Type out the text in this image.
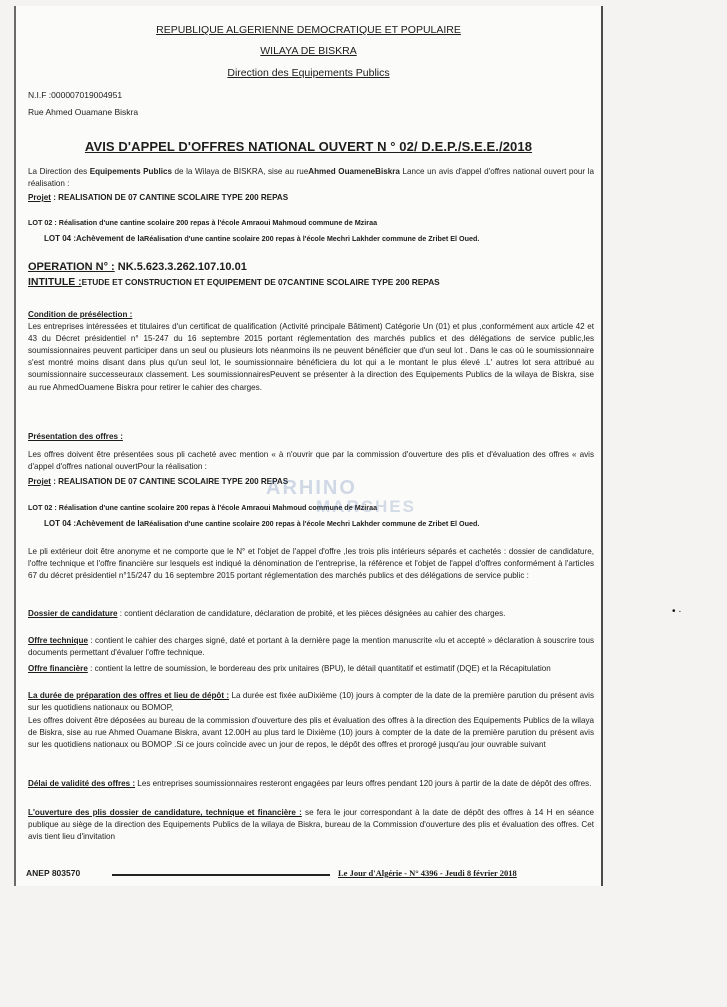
REPUBLIQUE ALGERIENNE DEMOCRATIQUE ET POPULAIRE
WILAYA DE BISKRA
Direction des Equipements Publics
N.I.F :000007019004951
Rue Ahmed Ouamane Biskra
AVIS D'APPEL D'OFFRES NATIONAL OUVERT N ° 02/ D.E.P./S.E.E./2018
La Direction des Equipements Publics de la Wilaya de BISKRA, sise au rueAhmed OuameneBiskra Lance un avis d'appel d'offres national ouvert pour la réalisation :
Projet : REALISATION DE 07 CANTINE SCOLAIRE TYPE 200 REPAS
LOT 02 : Réalisation d'une cantine scolaire 200 repas à l'école Amraoui Mahmoud commune de Mziraa
LOT 04 :Achèvement de laRéalisation d'une cantine scolaire 200 repas à l'école Mechri Lakhder commune de Zribet El Oued.
OPERATION N° : NK.5.623.3.262.107.10.01
INTITULE :ETUDE ET CONSTRUCTION ET EQUIPEMENT DE 07CANTINE SCOLAIRE TYPE 200 REPAS
Condition de présélection :
Les entreprises intéressées et titulaires d'un certificat de qualification (Activité principale Bâtiment) Catégorie Un (01) et plus ,conformément aux article 42 et 43 du Décret présidentiel n° 15-247 du 16 septembre 2015 portant réglementation des marchés publics et des délégations de service public,les soumissionnaires peuvent participer dans un seul ou plusieurs lots néanmoins ils ne peuvent bénéficier que d'un seul lot . Dans le cas où le soumissionnaire s'est montré moins disant dans plus qu'un seul lot, le soumissionnaire bénéficiera du lot qui a le montant le plus élevé .L' autres lot sera attribué au soumissionnaire successeuraux classement. Les soumissionnairesPeuvent se présenter à la direction des Equipements Publics de la wilaya de Biskra, sise au rue AhmedOuamene Biskra pour retirer le cahier des charges.
Présentation des offres :
Les offres doivent être présentées sous pli cacheté avec mention « à n'ouvrir que par la commission d'ouverture des plis et d'évaluation des offres « avis d'appel d'offres national ouvertPour la réalisation :
Projet : REALISATION DE 07 CANTINE SCOLAIRE TYPE 200 REPAS
LOT 02 : Réalisation d'une cantine scolaire 200 repas à l'école Amraoui Mahmoud commune de Mziraa
LOT 04 :Achèvement de laRéalisation d'une cantine scolaire 200 repas à l'école Mechri Lakhder commune de Zribet El Oued.
Le pli extérieur doit être anonyme et ne comporte que le N° et l'objet de l'appel d'offre ,les trois plis intérieurs séparés et cachetés : dossier de candidature, l'offre technique et l'offre financière sur lesquels est indiqué la dénomination de l'entreprise, la référence et l'objet de l'appel d'offres conformément à l'articles 67 du décret présidentiel n°15/247 du 16 septembre 2015 portant réglementation des marchés publics et des délégations de service public :
Dossier de candidature : contient déclaration de candidature, déclaration de probité, et les pièces désignées au cahier des charges.
Offre technique : contient le cahier des charges signé, daté et portant à la dernière page la mention manuscrite «lu et accepté » déclaration à souscrire tous documents permettant d'évaluer l'offre technique.
Offre financière : contient la lettre de soumission, le bordereau des prix unitaires (BPU), le détail quantitatif et estimatif (DQE) et la Récapitulation
La durée de préparation des offres et lieu de dépôt : La durée est fixée auDixième (10) jours à compter de la date de la première parution du présent avis sur les quotidiens nationaux ou BOMOP,
Les offres doivent être déposées au bureau de la commission d'ouverture des plis et évaluation des offres à la direction des Equipements Publics de la wilaya de Biskra, sise au rue Ahmed Ouamane Biskra, avant 12.00H au plus tard le Dixième (10) jours à compter de la date de la première parution du présent avis sur les quotidiens nationaux ou BOMOP .Si ce jours coïncide avec un jour de repos, le dépôt des offres et prorogé jusqu'au jour ouvrable suivant
Délai de validité des offres : Les entreprises soumissionnaires resteront engagées par leurs offres pendant 120 jours à partir de la date de dépôt des offres.
L'ouverture des plis dossier de candidature, technique et financière : se fera le jour correspondant à la date de dépôt des offres à 14 H en séance publique au siège de la direction des Equipements Publics de la wilaya de Biskra, bureau de la Commission d'ouverture des plis et évaluation des offres. Cet avis tient lieu d'invitation
ANEP 803570	Le Jour d'Algérie - N° 4396 - Jeudi 8 février 2018
ARHINO
MARCHES
• ·
